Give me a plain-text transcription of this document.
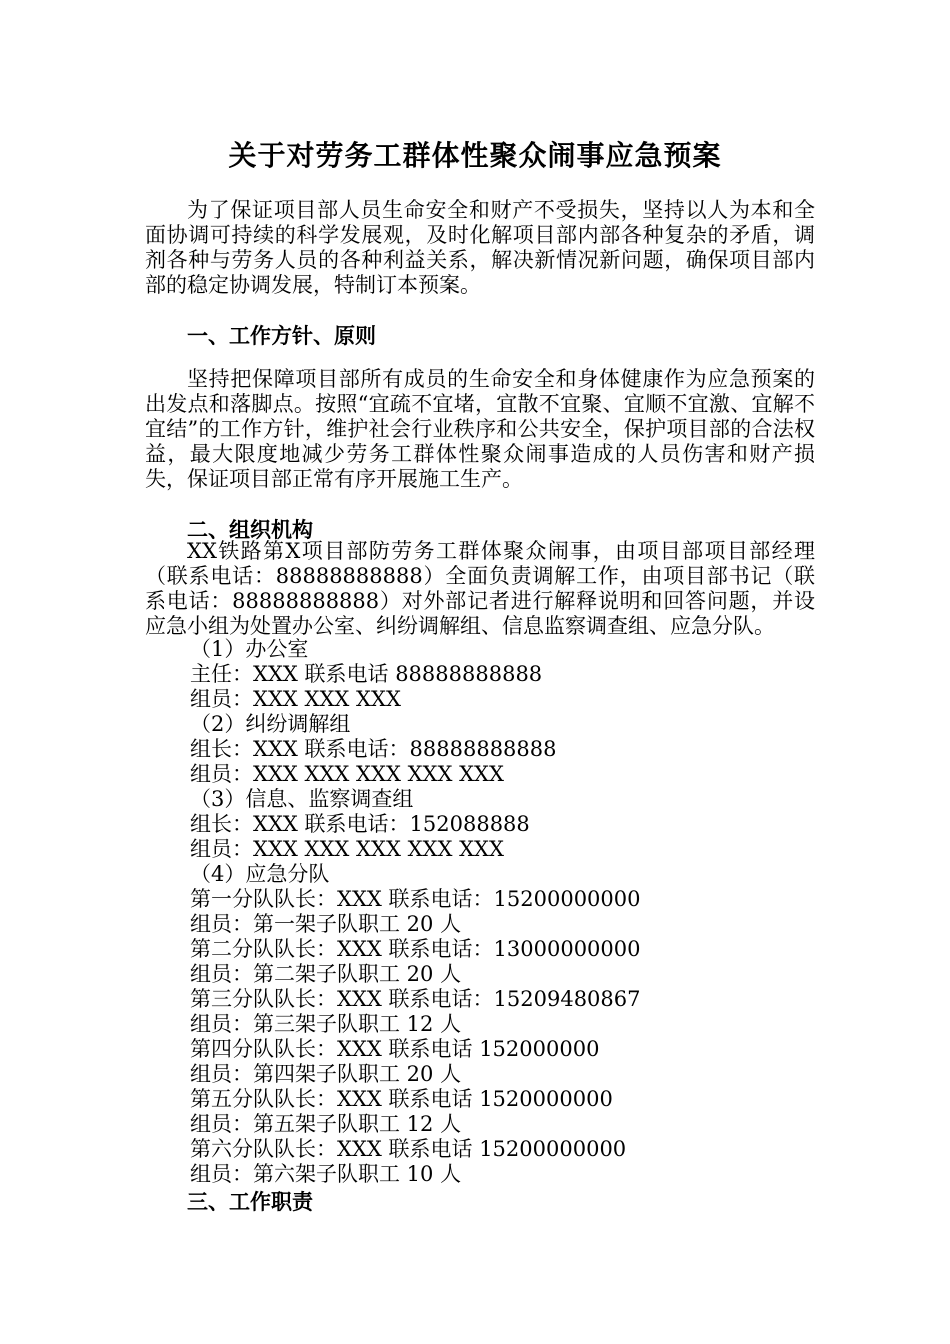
关于对劳务工群体性聚众闹事应急预案
为了保证项目部人员生命安全和财产不受损失，坚持以人为本和全面协调可持续的科学发展观，及时化解项目部内部各种复杂的矛盾，调剂各种与劳务人员的各种利益关系，解决新情况新问题，确保项目部内部的稳定协调发展，特制订本预案。
一、工作方针、原则
坚持把保障项目部所有成员的生命安全和身体健康作为应急预案的出发点和落脚点。按照“宜疏不宜堵，宜散不宜聚、宜顺不宜激、宜解不宜结”的工作方针，维护社会行业秩序和公共安全，保护项目部的合法权益，最大限度地减少劳务工群体性聚众闹事造成的人员伤害和财产损失，保证项目部正常有序开展施工生产。
二、组织机构
XX铁路第X项目部防劳务工群体聚众闹事，由项目部项目部经理（联系电话：88888888888）全面负责调解工作，由项目部书记（联系电话：88888888888）对外部记者进行解释说明和回答问题，并设应急小组为处置办公室、纠纷调解组、信息监察调查组、应急分队。
（1）办公室
主任：XXX 联系电话 88888888888
组员：XXX XXX XXX
（2）纠纷调解组
组长：XXX 联系电话：88888888888
组员：XXX XXX XXX XXX XXX
（3）信息、监察调查组
组长：XXX 联系电话：152088888
组员：XXX XXX XXX XXX XXX
（4）应急分队
第一分队队长：XXX 联系电话：15200000000
组员：第一架子队职工 20 人
第二分队队长：XXX 联系电话：13000000000
组员：第二架子队职工 20 人
第三分队队长：XXX 联系电话：15209480867
组员：第三架子队职工 12 人
第四分队队长：XXX 联系电话 152000000
组员：第四架子队职工 20 人
第五分队队长：XXX 联系电话 1520000000
组员：第五架子队职工 12 人
第六分队队长：XXX 联系电话 15200000000
组员：第六架子队职工 10 人
三、工作职责
